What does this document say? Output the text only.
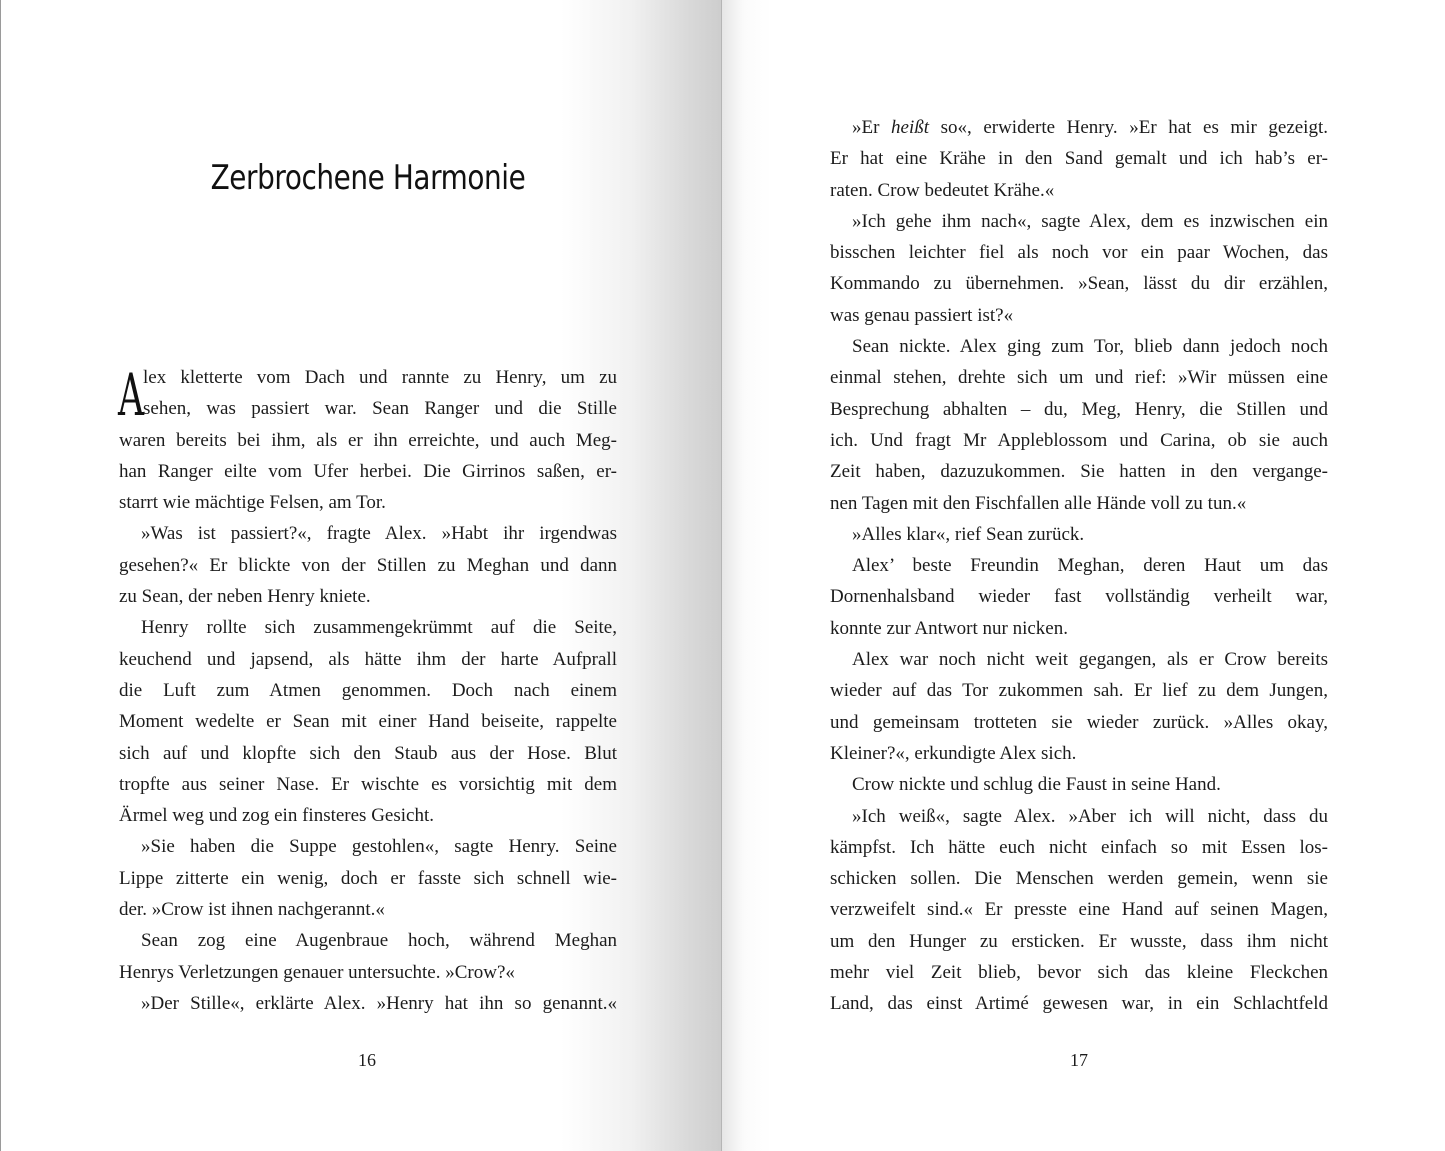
Zerbrochene Harmonie
A lex kletterte vom Dach und rannte zu Henry, um zu
sehen, was passiert war. Sean Ranger und die Stille
waren bereits bei ihm, als er ihn erreichte, und auch Meg-
han Ranger eilte vom Ufer herbei. Die Girrinos saßen, er-
starrt wie mächtige Felsen, am Tor.
»Was ist passiert?«, fragte Alex. »Habt ihr irgendwas
gesehen?« Er blickte von der Stillen zu Meghan und dann
zu Sean, der neben Henry kniete.
Henry rollte sich zusammengekrümmt auf die Seite,
keuchend und japsend, als hätte ihm der harte Aufprall
die Luft zum Atmen genommen. Doch nach einem
Moment wedelte er Sean mit einer Hand beiseite, rappelte
sich auf und klopfte sich den Staub aus der Hose. Blut
tropfte aus seiner Nase. Er wischte es vorsichtig mit dem
Ärmel weg und zog ein finsteres Gesicht.
»Sie haben die Suppe gestohlen«, sagte Henry. Seine
Lippe zitterte ein wenig, doch er fasste sich schnell wie-
der. »Crow ist ihnen nachgerannt.«
Sean zog eine Augenbraue hoch, während Meghan
Henrys Verletzungen genauer untersuchte. »Crow?«
»Der Stille«, erklärte Alex. »Henry hat ihn so genannt.«
16	17
»Er heißt so«, erwiderte Henry. »Er hat es mir gezeigt.
Er hat eine Krähe in den Sand gemalt und ich hab’s er-
raten. Crow bedeutet Krähe.«
»Ich gehe ihm nach«, sagte Alex, dem es inzwischen ein
bisschen leichter fiel als noch vor ein paar Wochen, das
Kommando zu übernehmen. »Sean, lässt du dir erzählen,
was genau passiert ist?«
Sean nickte. Alex ging zum Tor, blieb dann jedoch noch
einmal stehen, drehte sich um und rief: »Wir müssen eine
Besprechung abhalten – du, Meg, Henry, die Stillen und
ich. Und fragt Mr Appleblossom und Carina, ob sie auch
Zeit haben, dazuzukommen. Sie hatten in den vergange-
nen Tagen mit den Fischfallen alle Hände voll zu tun.«
»Alles klar«, rief Sean zurück.
Alex’ beste Freundin Meghan, deren Haut um das
Dornenhalsband wieder fast vollständig verheilt war,
konnte zur Antwort nur nicken.
Alex war noch nicht weit gegangen, als er Crow bereits
wieder auf das Tor zukommen sah. Er lief zu dem Jungen,
und gemeinsam trotteten sie wieder zurück. »Alles okay,
Kleiner?«, erkundigte Alex sich.
Crow nickte und schlug die Faust in seine Hand.
»Ich weiß«, sagte Alex. »Aber ich will nicht, dass du
kämpfst. Ich hätte euch nicht einfach so mit Essen los-
schicken sollen. Die Menschen werden gemein, wenn sie
verzweifelt sind.« Er presste eine Hand auf seinen Magen,
um den Hunger zu ersticken. Er wusste, dass ihm nicht
mehr viel Zeit blieb, bevor sich das kleine Fleckchen
Land, das einst Artimé gewesen war, in ein Schlachtfeld
